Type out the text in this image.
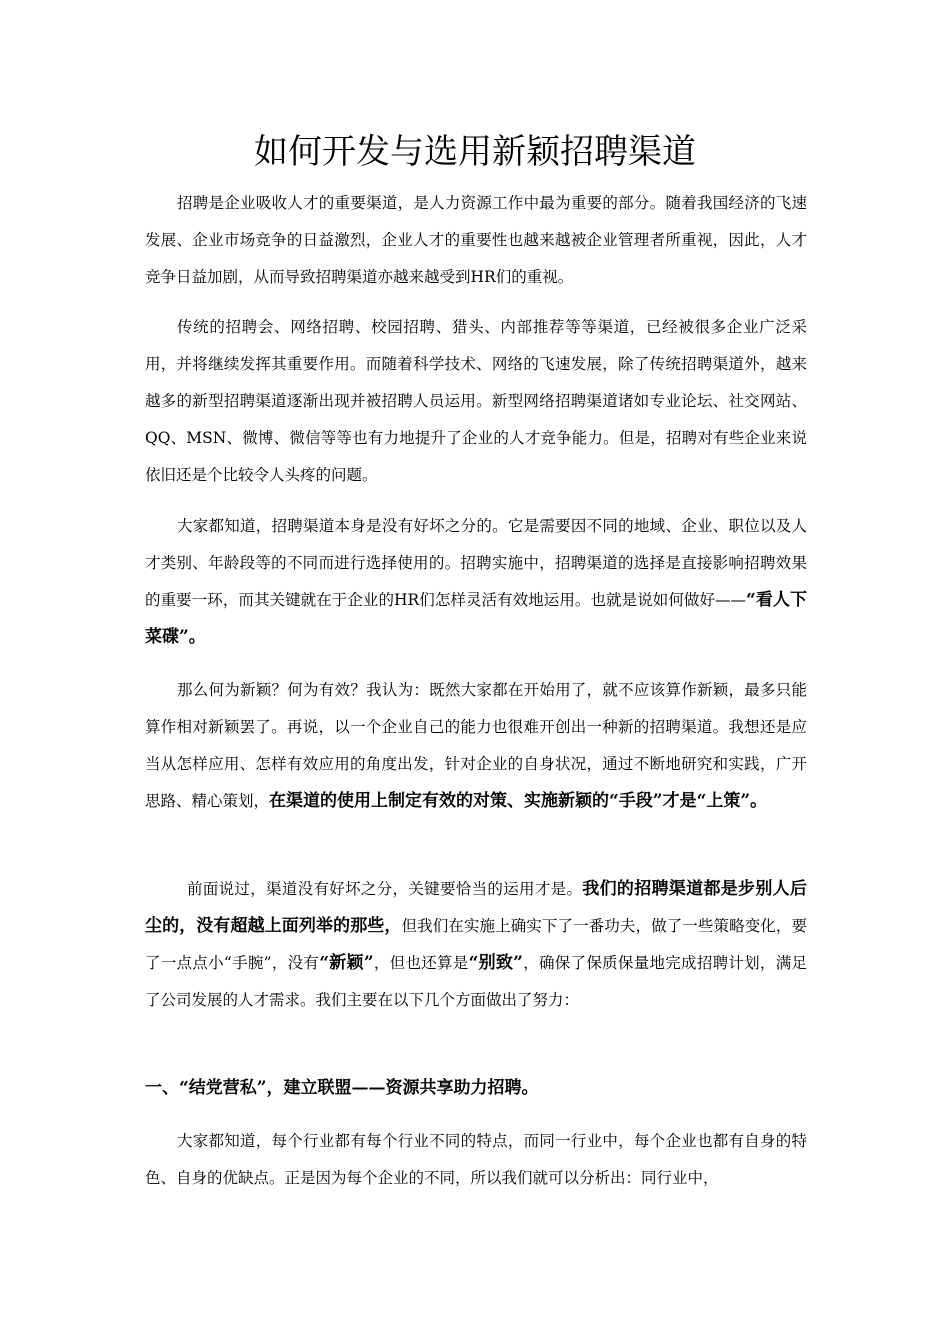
如何开发与选用新颖招聘渠道

招聘是企业吸收人才的重要渠道，是人力资源工作中最为重要的部分。随着我国经济的飞速发展、企业市场竞争的日益激烈，企业人才的重要性也越来越被企业管理者所重视，因此，人才竞争日益加剧，从而导致招聘渠道亦越来越受到HR们的重视。

传统的招聘会、网络招聘、校园招聘、猎头、内部推荐等等渠道，已经被很多企业广泛采用，并将继续发挥其重要作用。而随着科学技术、网络的飞速发展，除了传统招聘渠道外，越来越多的新型招聘渠道逐渐出现并被招聘人员运用。新型网络招聘渠道诸如专业论坛、社交网站、QQ、MSN、微博、微信等等也有力地提升了企业的人才竞争能力。但是，招聘对有些企业来说依旧还是个比较令人头疼的问题。

大家都知道，招聘渠道本身是没有好坏之分的。它是需要因不同的地域、企业、职位以及人才类别、年龄段等的不同而进行选择使用的。招聘实施中，招聘渠道的选择是直接影响招聘效果的重要一环，而其关键就在于企业的HR们怎样灵活有效地运用。也就是说如何做好——“看人下菜碟”。

那么何为新颖？何为有效？我认为：既然大家都在开始用了，就不应该算作新颖，最多只能算作相对新颖罢了。再说，以一个企业自己的能力也很难开创出一种新的招聘渠道。我想还是应当从怎样应用、怎样有效应用的角度出发，针对企业的自身状况，通过不断地研究和实践，广开思路、精心策划，在渠道的使用上制定有效的对策、实施新颖的“手段”才是“上策”。

前面说过，渠道没有好坏之分，关键要恰当的运用才是。我们的招聘渠道都是步别人后尘的，没有超越上面列举的那些，但我们在实施上确实下了一番功夫，做了一些策略变化，要了一点点小“手腕”，没有“新颖”，但也还算是“别致”，确保了保质保量地完成招聘计划，满足了公司发展的人才需求。我们主要在以下几个方面做出了努力：

一、“结党营私”，建立联盟——资源共享助力招聘。

大家都知道，每个行业都有每个行业不同的特点，而同一行业中，每个企业也都有自身的特色、自身的优缺点。正是因为每个企业的不同，所以我们就可以分析出：同行业中，
